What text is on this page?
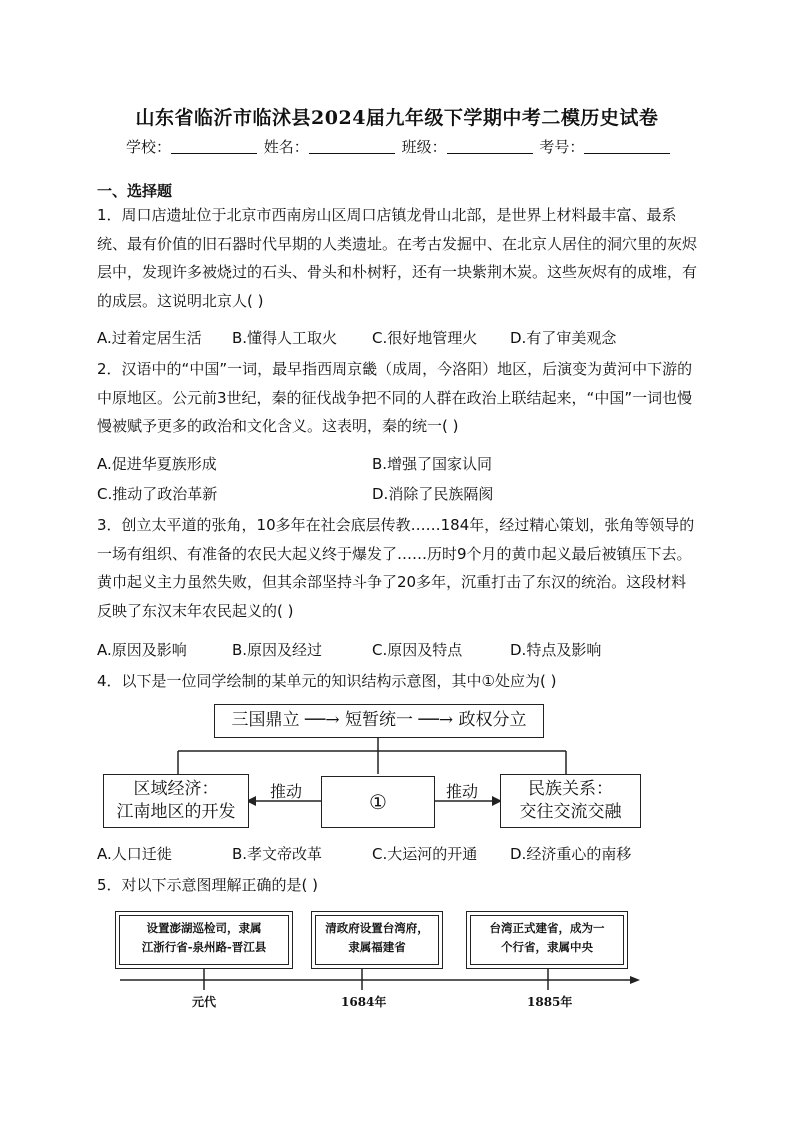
山东省临沂市临沭县2024届九年级下学期中考二模历史试卷
学校：	姓名：	班级：	考号：
一、选择题
1．周口店遗址位于北京市西南房山区周口店镇龙骨山北部，是世界上材料最丰富、最系统、最有价值的旧石器时代早期的人类遗址。在考古发掘中、在北京人居住的洞穴里的灰烬层中，发现许多被烧过的石头、骨头和朴树籽，还有一块紫荆木炭。这些灰烬有的成堆，有的成层。这说明北京人( )
A.过着定居生活 B.懂得人工取火 C.很好地管理火 D.有了审美观念
2．汉语中的“中国”一词，最早指西周京畿（成周，今洛阳）地区，后演变为黄河中下游的中原地区。公元前3世纪，秦的征伐战争把不同的人群在政治上联结起来，“中国”一词也慢慢被赋予更多的政治和文化含义。这表明，秦的统一( )
A.促进华夏族形成	B.增强了国家认同
C.推动了政治革新	D.消除了民族隔阂
3．创立太平道的张角，10多年在社会底层传教……184年，经过精心策划，张角等领导的一场有组织、有准备的农民大起义终于爆发了……历时9个月的黄巾起义最后被镇压下去。黄巾起义主力虽然失败，但其余部坚持斗争了20多年，沉重打击了东汉的统治。这段材料反映了东汉末年农民起义的( )
A.原因及影响	B.原因及经过	C.原因及特点	D.特点及影响
4．以下是一位同学绘制的某单元的知识结构示意图，其中①处应为( )
三国鼎立 ──→ 短暂统一 ──→ 政权分立
区域经济：
江南地区的开发	①
民族关系：
交往交流交融
推动	推动
A.人口迁徙	B.孝文帝改革	C.大运河的开通 D.经济重心的南移
5．对以下示意图理解正确的是( )
设置澎湖巡检司，隶属
江浙行省-泉州路-晋江县
清政府设置台湾府，
隶属福建省
台湾正式建省，成为一
个行省，隶属中央
元代	1684年	1885年
